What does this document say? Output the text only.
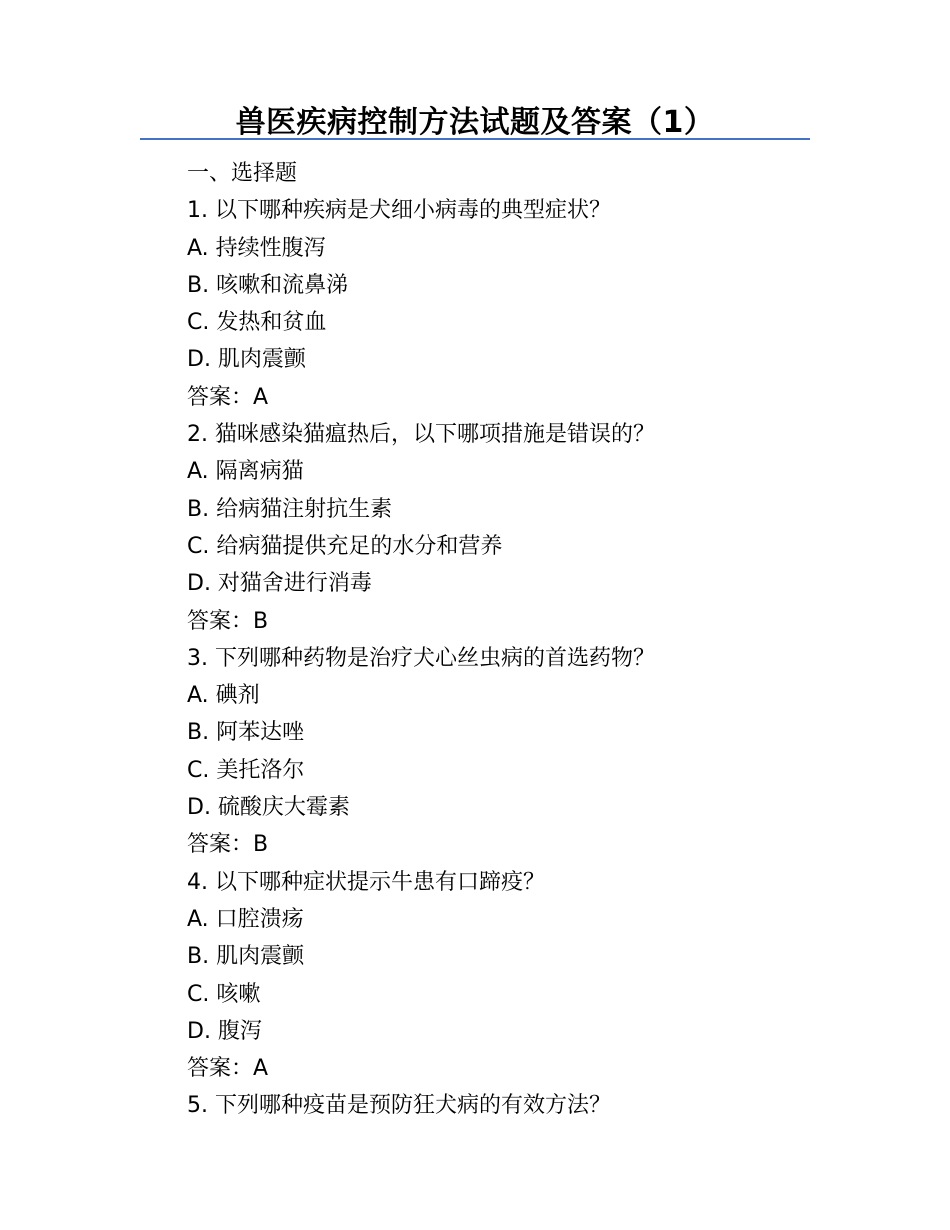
兽医疾病控制方法试题及答案（1）
一、选择题
1. 以下哪种疾病是犬细小病毒的典型症状？
A. 持续性腹泻
B. 咳嗽和流鼻涕
C. 发热和贫血
D. 肌肉震颤
答案：A
2. 猫咪感染猫瘟热后，以下哪项措施是错误的？
A. 隔离病猫
B. 给病猫注射抗生素
C. 给病猫提供充足的水分和营养
D. 对猫舍进行消毒
答案：B
3. 下列哪种药物是治疗犬心丝虫病的首选药物？
A. 碘剂
B. 阿苯达唑
C. 美托洛尔
D. 硫酸庆大霉素
答案：B
4. 以下哪种症状提示牛患有口蹄疫？
A. 口腔溃疡
B. 肌肉震颤
C. 咳嗽
D. 腹泻
答案：A
5. 下列哪种疫苗是预防狂犬病的有效方法？
